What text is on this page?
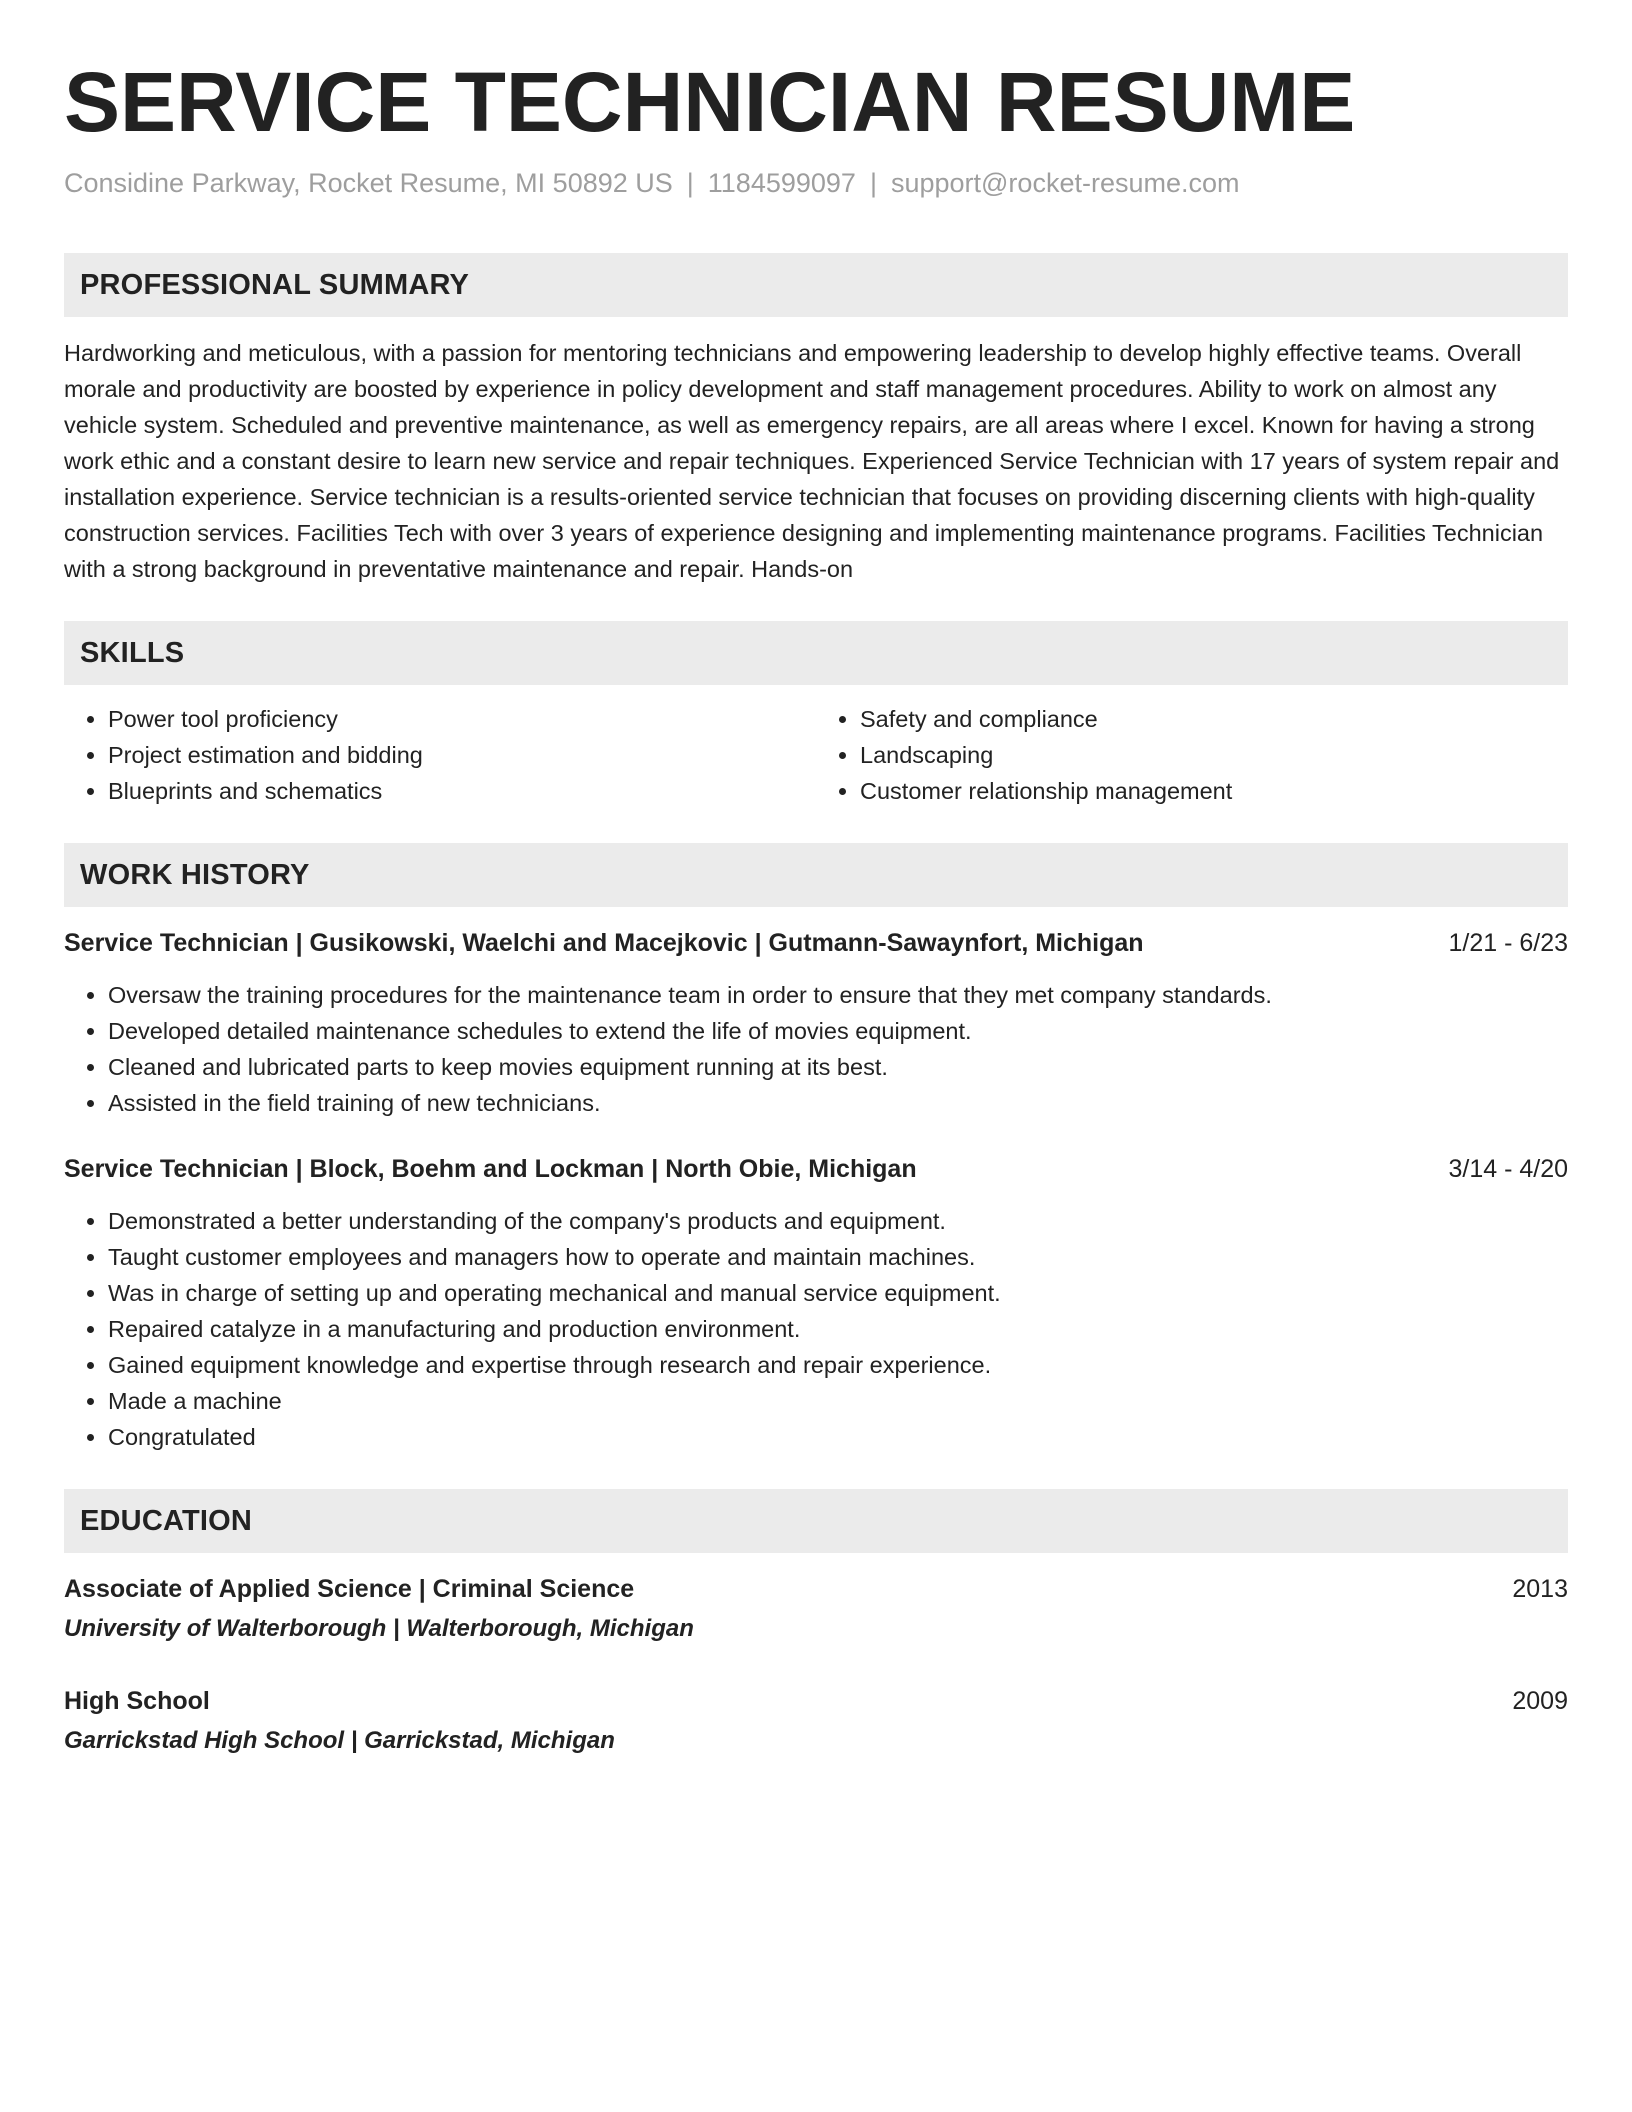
SERVICE TECHNICIAN RESUME
Considine Parkway, Rocket Resume, MI 50892 US | 1184599097 | support@rocket-resume.com
PROFESSIONAL SUMMARY

Hardworking and meticulous, with a passion for mentoring technicians and empowering leadership to develop highly effective teams. Overall morale and productivity are boosted by experience in policy development and staff management procedures. Ability to work on almost any vehicle system. Scheduled and preventive maintenance, as well as emergency repairs, are all areas where I excel. Known for having a strong work ethic and a constant desire to learn new service and repair techniques. Experienced Service Technician with 17 years of system repair and installation experience. Service technician is a results-oriented service technician that focuses on providing discerning clients with high-quality construction services. Facilities Tech with over 3 years of experience designing and implementing maintenance programs. Facilities Technician with a strong background in preventative maintenance and repair. Hands-on

SKILLS
• Power tool proficiency
• Project estimation and bidding
• Blueprints and schematics
• Safety and compliance
• Landscaping
• Customer relationship management
WORK HISTORY
Service Technician | Gusikowski, Waelchi and Macejkovic | Gutmann-Sawaynfort, Michigan	1/21 - 6/23
• Oversaw the training procedures for the maintenance team in order to ensure that they met company standards.
• Developed detailed maintenance schedules to extend the life of movies equipment.
• Cleaned and lubricated parts to keep movies equipment running at its best.
• Assisted in the field training of new technicians.
Service Technician | Block, Boehm and Lockman | North Obie, Michigan	3/14 - 4/20
• Demonstrated a better understanding of the company's products and equipment.
• Taught customer employees and managers how to operate and maintain machines.
• Was in charge of setting up and operating mechanical and manual service equipment.
• Repaired catalyze in a manufacturing and production environment.
• Gained equipment knowledge and expertise through research and repair experience.
• Made a machine
• Congratulated
EDUCATION
Associate of Applied Science | Criminal Science	2013
University of Walterborough | Walterborough, Michigan
High School	2009
Garrickstad High School | Garrickstad, Michigan
